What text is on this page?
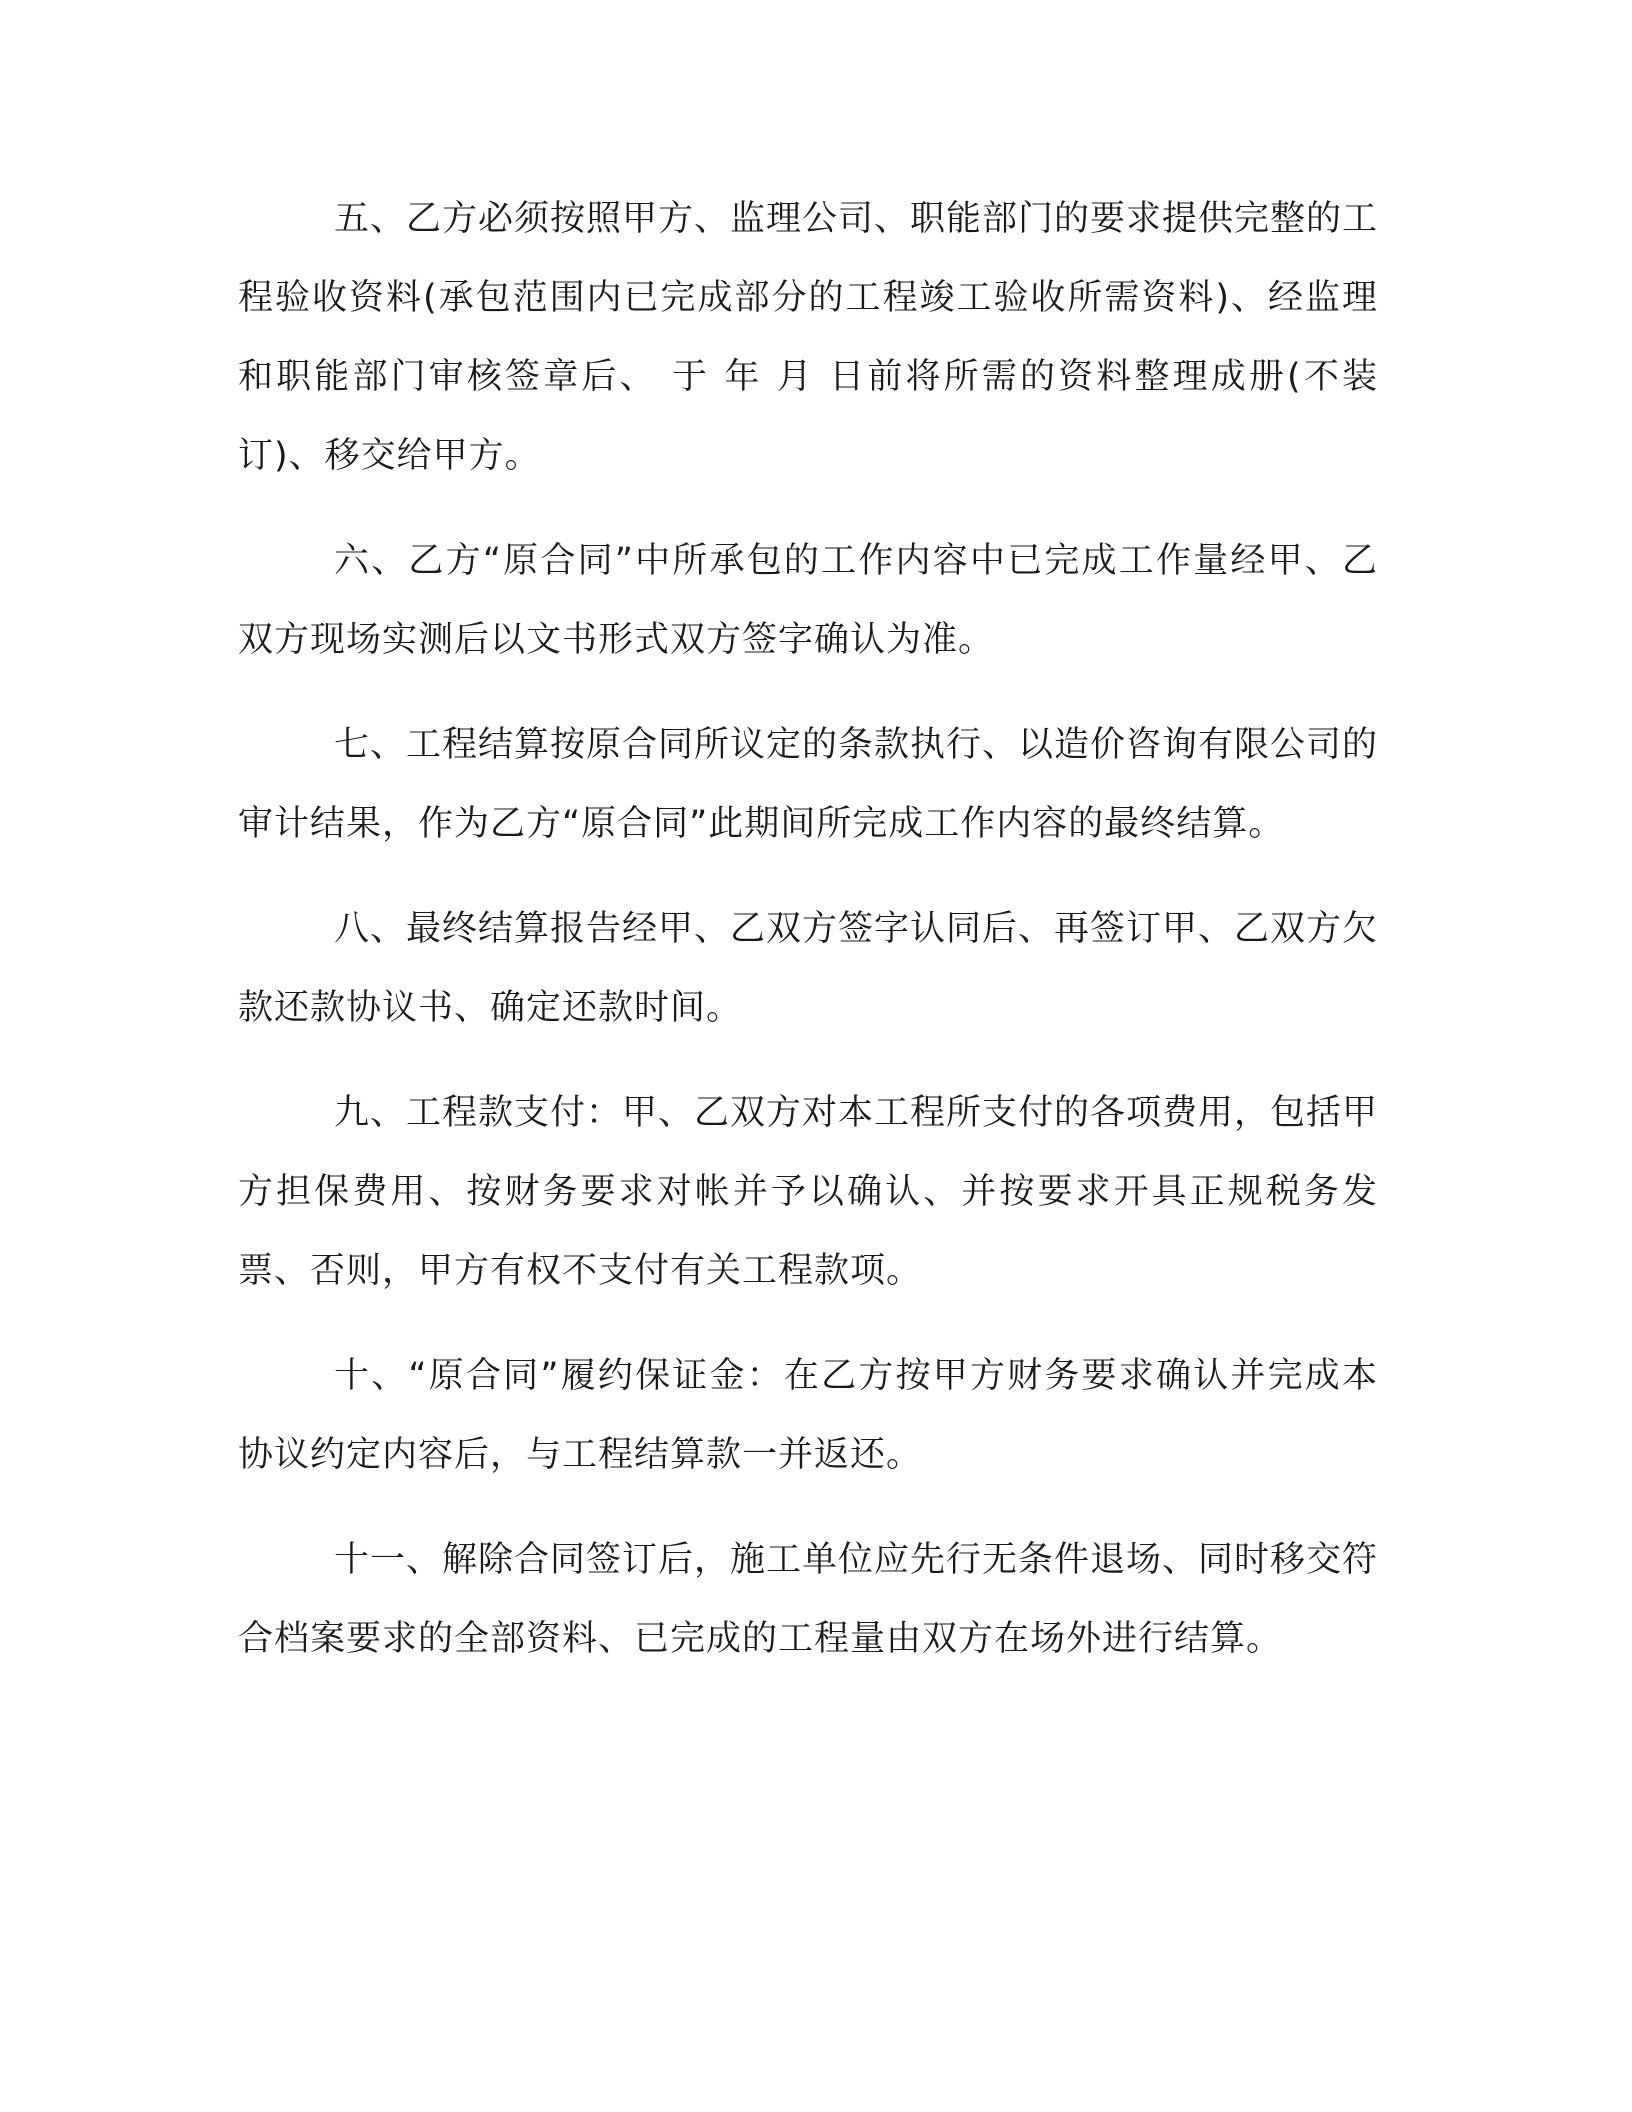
五、乙方必须按照甲方、监理公司、职能部门的要求提供完整的工程验收资料(承包范围内已完成部分的工程竣工验收所需资料)、经监理和职能部门审核签章后、 于 年 月 日前将所需的资料整理成册(不装订)、移交给甲方。

六、乙方“原合同”中所承包的工作内容中已完成工作量经甲、乙双方现场实测后以文书形式双方签字确认为准。

七、工程结算按原合同所议定的条款执行、以造价咨询有限公司的审计结果，作为乙方“原合同”此期间所完成工作内容的最终结算。

八、最终结算报告经甲、乙双方签字认同后、再签订甲、乙双方欠款还款协议书、确定还款时间。

九、工程款支付：甲、乙双方对本工程所支付的各项费用，包括甲方担保费用、按财务要求对帐并予以确认、并按要求开具正规税务发票、否则，甲方有权不支付有关工程款项。

十、“原合同”履约保证金：在乙方按甲方财务要求确认并完成本协议约定内容后，与工程结算款一并返还。

十一、解除合同签订后，施工单位应先行无条件退场、同时移交符合档案要求的全部资料、已完成的工程量由双方在场外进行结算。
